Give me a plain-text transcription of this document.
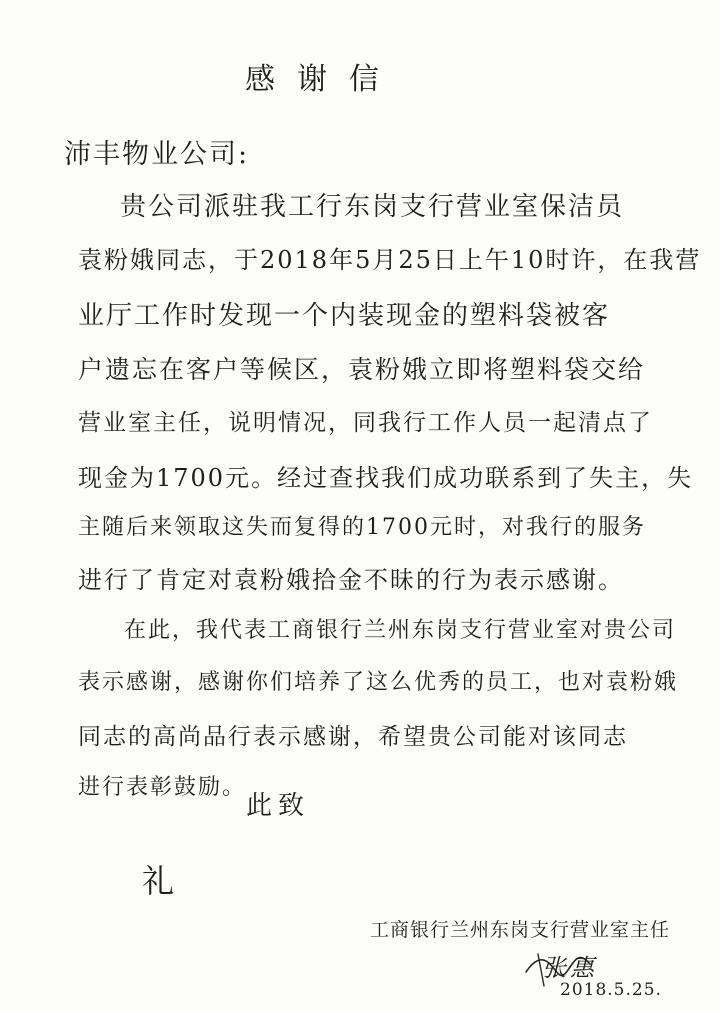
感谢信
沛丰物业公司:
贵公司派驻我工行东岗支行营业室保洁员
袁粉娥同志，于2018年5月25日上午10时许，在我营
业厅工作时发现一个内装现金的塑料袋被客
户遗忘在客户等候区，袁粉娥立即将塑料袋交给
营业室主任，说明情况，同我行工作人员一起清点了
现金为1700元。经过查找我们成功联系到了失主，失
主随后来领取这失而复得的1700元时，对我行的服务
进行了肯定对袁粉娥拾金不昧的行为表示感谢。
在此，我代表工商银行兰州东岗支行营业室对贵公司
表示感谢，感谢你们培养了这么优秀的员工，也对袁粉娥
同志的高尚品行表示感谢，希望贵公司能对该同志
进行表彰鼓励。
此致
礼
工商银行兰州东岗支行营业室主任
张惠
2018.5.25.
